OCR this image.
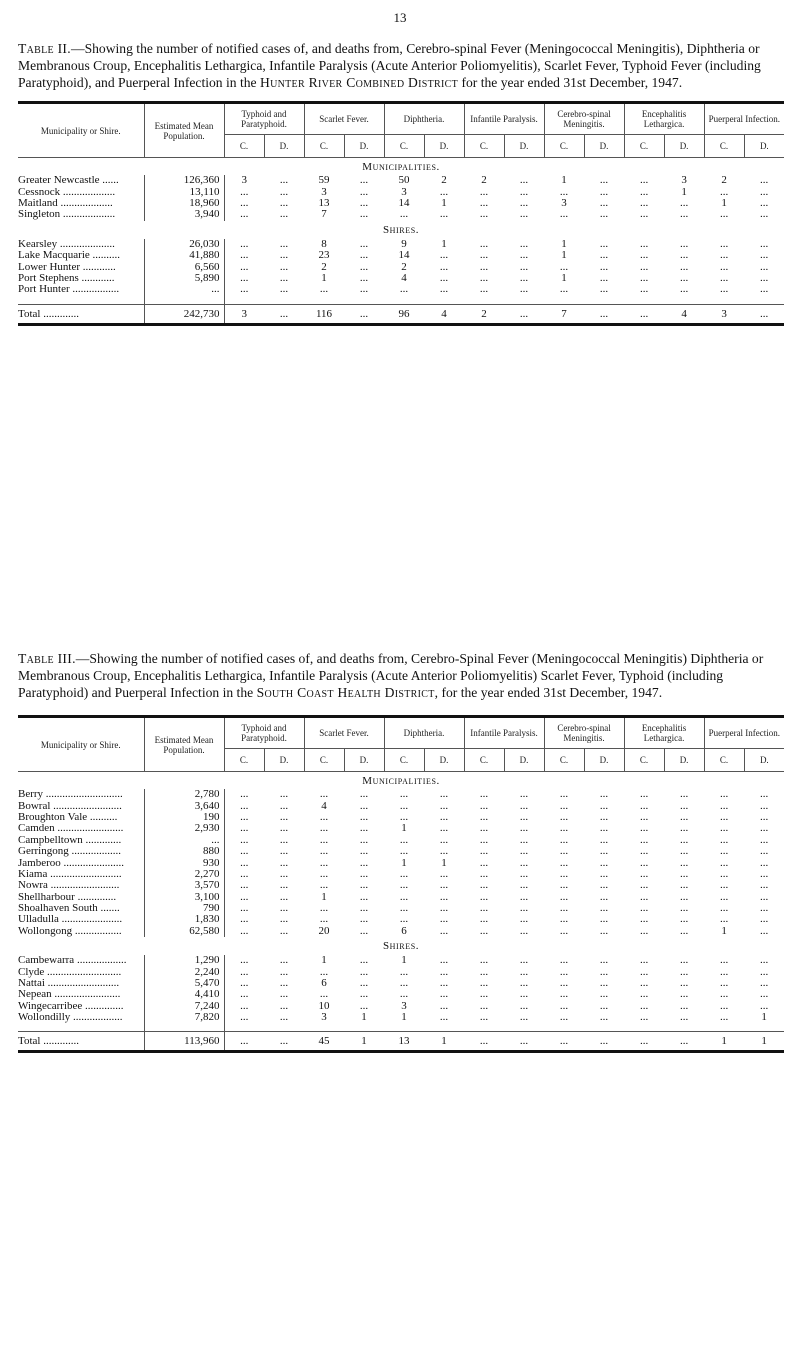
13

Table II.—Showing the number of notified cases of, and deaths from, Cerebro-spinal Fever (Meningococcal Meningitis), Diphtheria or Membranous Croup, Encephalitis Lethargica, Infantile Paralysis (Acute Anterior Poliomyelitis), Scarlet Fever, Typhoid Fever (including Paratyphoid), and Puerperal Infection in the Hunter River Combined District for the year ended 31st December, 1947.

Municipality or Shire.	Estimated Mean Population.	Typhoid and Paratyphoid.		Scarlet Fever.		Diphtheria.		Infantile Paralysis.		Cerebro-spinal Meningitis.		Encephalitis Lethargica.		Puerperal Infection.	
		C.	D.	C.	D.	C.	D.	C.	D.	C.	D.	C.	D.	C.	D.

Municipalities.															
Greater Newcastle ......	126,360	3	...	59	...	50	2	2	...	1	...	...	3	2	...
Cessnock ...................	13,110	...	...	3	...	3	...	...	...	...	...	...	1	...	...
Maitland ...................	18,960	...	...	13	...	14	1	...	...	3	...	...	...	1	...
Singleton ...................	3,940	...	...	7	...	...	...	...	...	...	...	...	...	...	...
Shires.															
Kearsley ....................	26,030	...	...	8	...	9	1	...	...	1	...	...	...	...	...
Lake Macquarie ..........	41,880	...	...	23	...	14	...	...	...	1	...	...	...	...	...
Lower Hunter ............	6,560	...	...	2	...	2	...	...	...	...	...	...	...	...	...
Port Stephens ............	5,890	...	...	1	...	4	...	...	...	1	...	...	...	...	...
Port Hunter .................	...	...	...	...	...	...	...	...	...	...	...	...	...	...	...

Total .............	242,730	3	...	116	...	96	4	2	...	7	...	...	4	3	...

Table III.—Showing the number of notified cases of, and deaths from, Cerebro-Spinal Fever (Meningococcal Meningitis) Diphtheria or Membranous Croup, Encephalitis Lethargica, Infantile Paralysis (Acute Anterior Poliomyelitis) Scarlet Fever, Typhoid (including Paratyphoid) and Puerperal Infection in the South Coast Health District, for the year ended 31st December, 1947.

Municipality or Shire.	Estimated Mean Population.	Typhoid and Paratyphoid.		Scarlet Fever.		Diphtheria.		Infantile Paralysis.		Cerebro-spinal Meningitis.		Encephalitis Lethargica.		Puerperal Infection.	
		C.	D.	C.	D.	C.	D.	C.	D.	C.	D.	C.	D.	C.	D.

Municipalities.															
Berry ............................	2,780	...	...	...	...	...	...	...	...	...	...	...	...	...	...
Bowral .........................	3,640	...	...	4	...	...	...	...	...	...	...	...	...	...	...
Broughton Vale ..........	190	...	...	...	...	...	...	...	...	...	...	...	...	...	...
Camden ........................	2,930	...	...	...	...	1	...	...	...	...	...	...	...	...	...
Campbelltown .............	...	...	...	...	...	...	...	...	...	...	...	...	...	...	...
Gerringong ..................	880	...	...	...	...	...	...	...	...	...	...	...	...	...	...
Jamberoo ......................	930	...	...	...	...	1	1	...	...	...	...	...	...	...	...
Kiama ..........................	2,270	...	...	...	...	...	...	...	...	...	...	...	...	...	...
Nowra .........................	3,570	...	...	...	...	...	...	...	...	...	...	...	...	...	...
Shellharbour ..............	3,100	...	...	1	...	...	...	...	...	...	...	...	...	...	...
Shoalhaven South .......	790	...	...	...	...	...	...	...	...	...	...	...	...	...	...
Ulladulla ......................	1,830	...	...	...	...	...	...	...	...	...	...	...	...	...	...
Wollongong .................	62,580	...	...	20	...	6	...	...	...	...	...	...	...	1	...
Shires.															
Cambewarra ..................	1,290	...	...	1	...	1	...	...	...	...	...	...	...	...	...
Clyde ...........................	2,240	...	...	...	...	...	...	...	...	...	...	...	...	...	...
Nattai ..........................	5,470	...	...	6	...	...	...	...	...	...	...	...	...	...	...
Nepean ........................	4,410	...	...	...	...	...	...	...	...	...	...	...	...	...	...
Wingecarribee ..............	7,240	...	...	10	...	3	...	...	...	...	...	...	...	...	...
Wollondilly ..................	7,820	...	...	3	1	1	...	...	...	...	...	...	...	...	1

Total .............	113,960	...	...	45	1	13	1	...	...	...	...	...	...	1	1
